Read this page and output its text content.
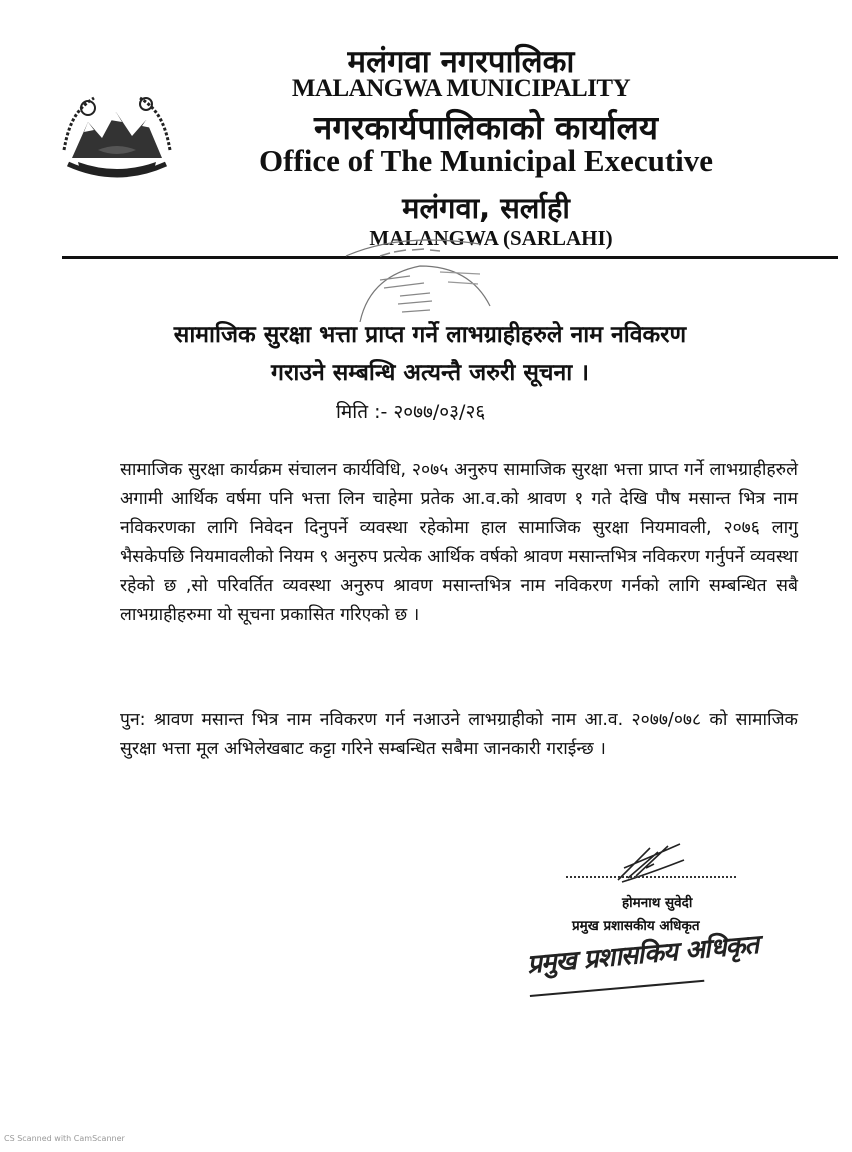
मलंगवा नगरपालिका
MALANGWA MUNICIPALITY
नगरकार्यपालिकाको कार्यालय
Office of The Municipal Executive
मलंगवा, सर्लाही
MALANGWA (SARLAHI)
सामाजिक सुरक्षा भत्ता प्राप्त गर्ने लाभग्राहीहरुले नाम नविकरण
गराउने सम्बन्धि अत्यन्तै जरुरी सूचना ।
मिति :- २०७७/०३/२६
सामाजिक सुरक्षा कार्यक्रम संचालन कार्यविधि, २०७५ अनुरुप सामाजिक सुरक्षा भत्ता प्राप्त गर्ने लाभग्राहीहरुले अगामी आर्थिक वर्षमा पनि भत्ता लिन चाहेमा प्रतेक आ.व.को श्रावण १ गते देखि पौष मसान्त भित्र नाम नविकरणका लागि निवेदन दिनुपर्ने व्यवस्था रहेकोमा हाल सामाजिक सुरक्षा नियमावली, २०७६ लागु भैसकेपछि नियमावलीको नियम ९ अनुरुप प्रत्येक आर्थिक वर्षको श्रावण मसान्तभित्र नविकरण गर्नुपर्ने व्यवस्था रहेको छ ,सो परिवर्तित व्यवस्था अनुरुप श्रावण मसान्तभित्र नाम नविकरण गर्नको लागि सम्बन्धित सबै लाभग्राहीहरुमा यो सूचना प्रकासित गरिएको छ ।
पुन: श्रावण मसान्त भित्र नाम नविकरण गर्न नआउने लाभग्राहीको नाम आ.व. २०७७/०७८ को सामाजिक सुरक्षा भत्ता मूल अभिलेखबाट कट्टा गरिने सम्बन्धित सबैमा जानकारी गराईन्छ ।
होमनाथ सुवेदी
प्रमुख प्रशासकीय अधिकृत
प्रमुख प्रशासकिय अधिकृत
CS Scanned with CamScanner
